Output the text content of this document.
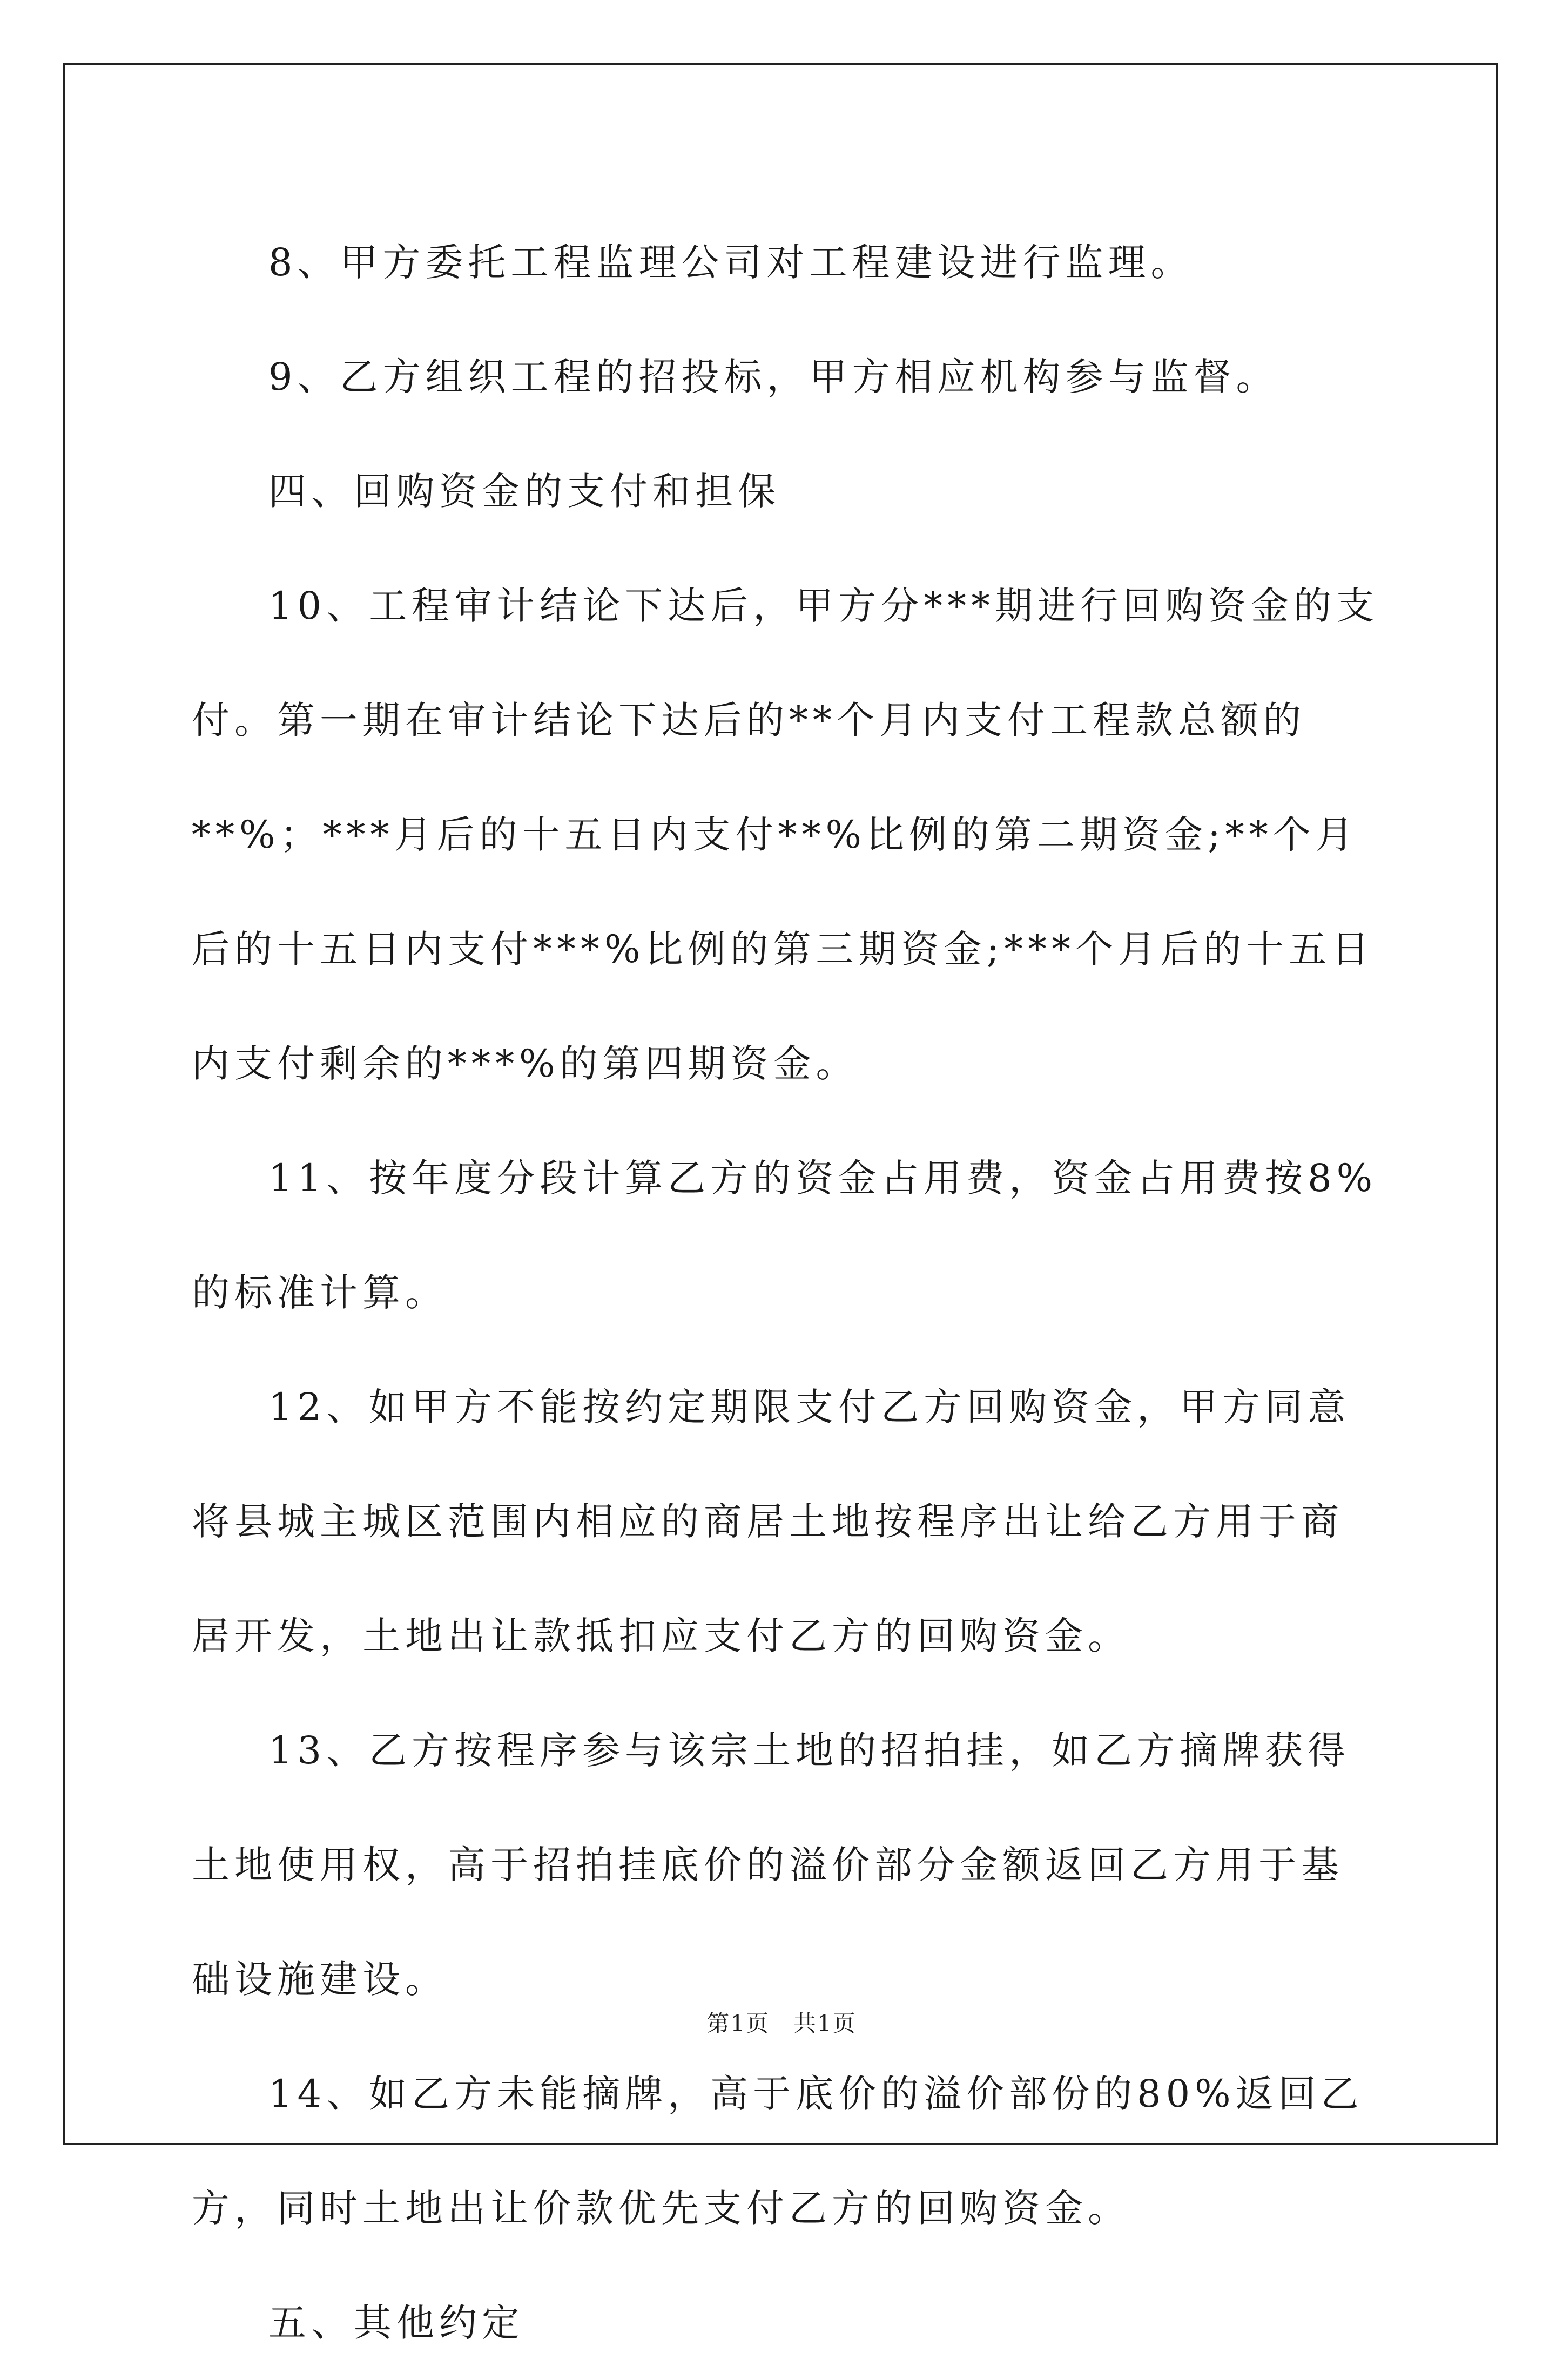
8、甲方委托工程监理公司对工程建设进行监理。

9、乙方组织工程的招投标，甲方相应机构参与监督。

四、回购资金的支付和担保

10、工程审计结论下达后，甲方分***期进行回购资金的支付。第一期在审计结论下达后的**个月内支付工程款总额的**%；***月后的十五日内支付**%比例的第二期资金;**个月后的十五日内支付***%比例的第三期资金;***个月后的十五日内支付剩余的***%的第四期资金。

11、按年度分段计算乙方的资金占用费，资金占用费按8%的标准计算。

12、如甲方不能按约定期限支付乙方回购资金，甲方同意将县城主城区范围内相应的商居土地按程序出让给乙方用于商居开发，土地出让款抵扣应支付乙方的回购资金。

13、乙方按程序参与该宗土地的招拍挂，如乙方摘牌获得土地使用权，高于招拍挂底价的溢价部分金额返回乙方用于基础设施建设。

14、如乙方未能摘牌，高于底价的溢价部份的80%返回乙方，同时土地出让价款优先支付乙方的回购资金。

五、其他约定

第1页　共1页
